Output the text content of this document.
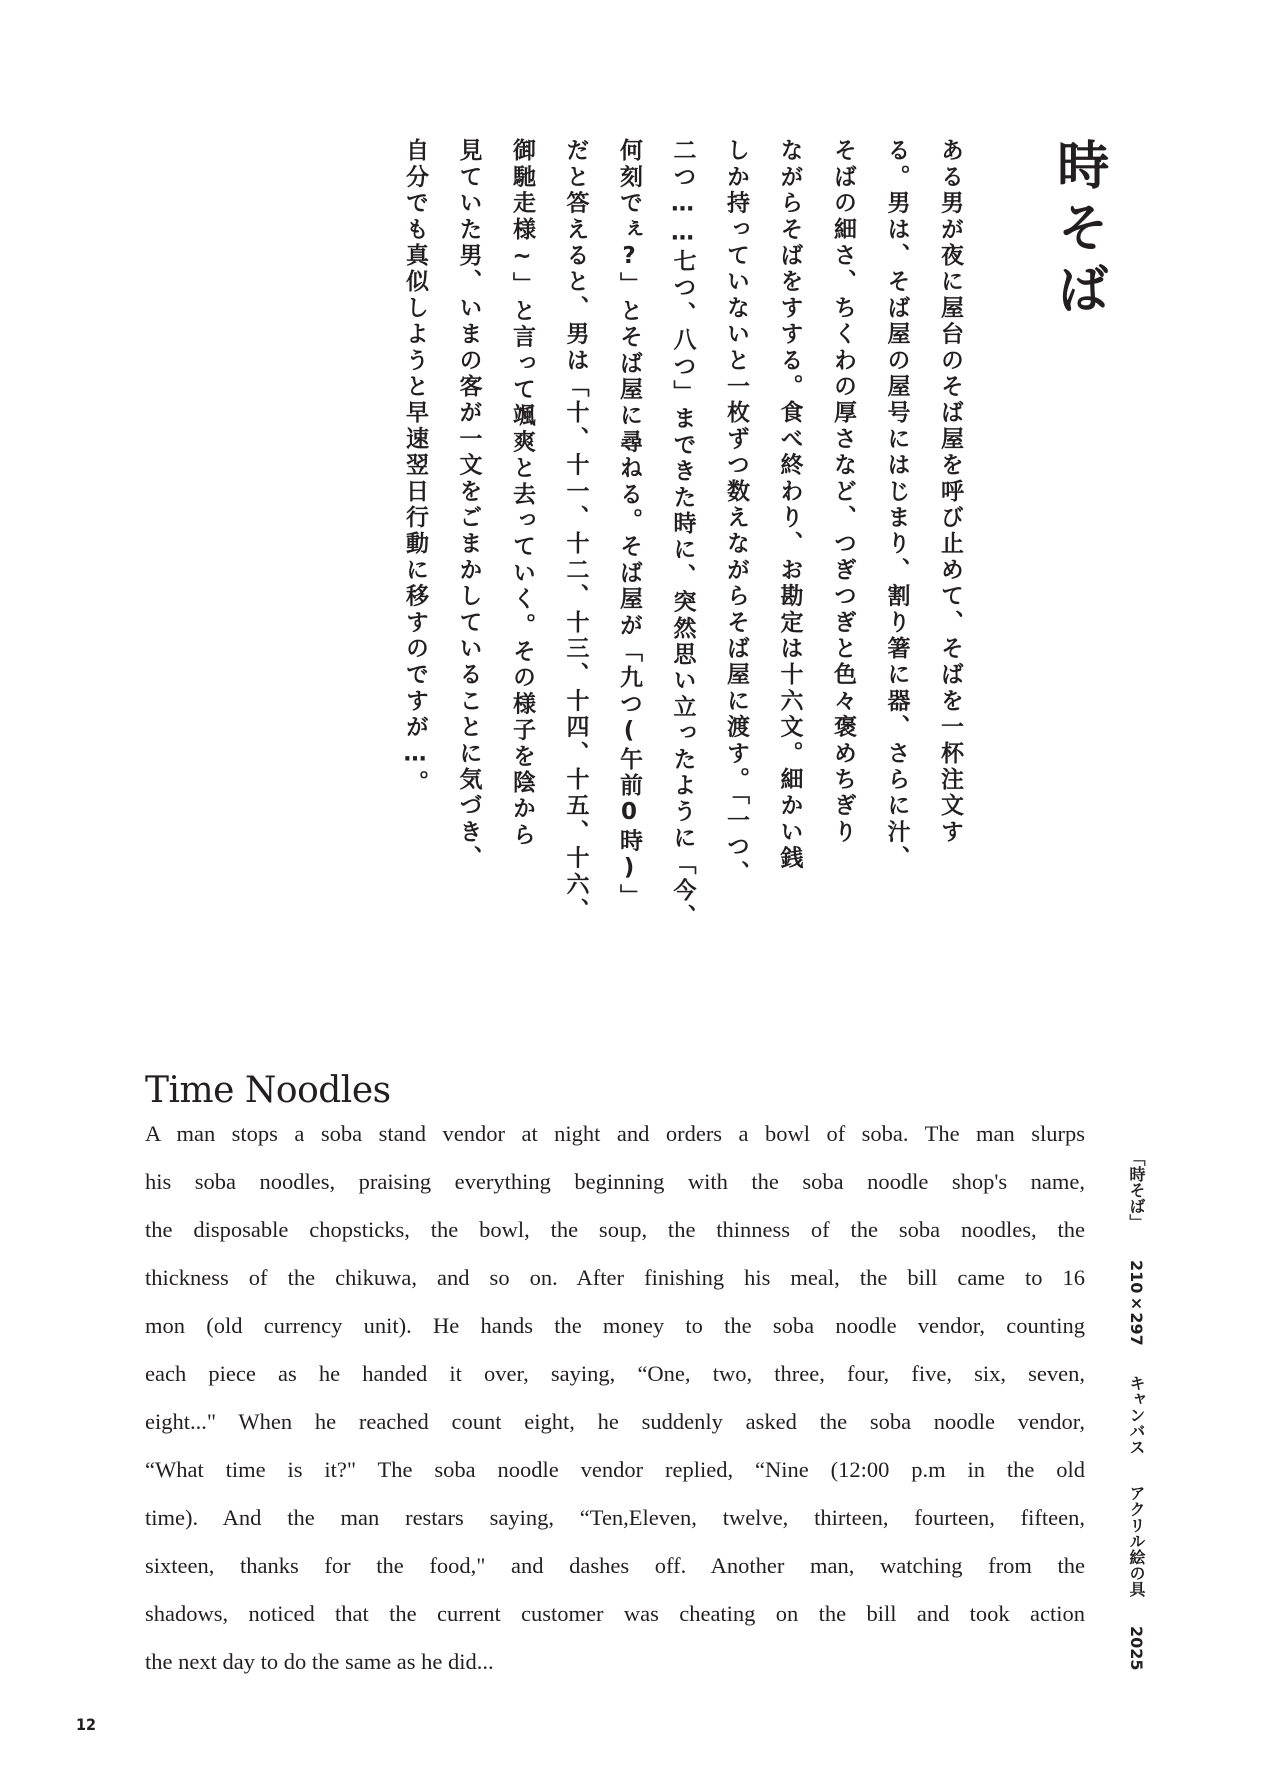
時そば
ある男が夜に屋台のそば屋を呼び止めて、そばを一杯注文す
る。男は、そば屋の屋号にはじまり、割り箸に器、さらに汁、
そばの細さ、ちくわの厚さなど、つぎつぎと色々褒めちぎり
ながらそばをすする。食べ終わり、お勘定は十六文。細かい銭
しか持っていないと一枚ずつ数えながらそば屋に渡す。「一つ、
二つ……七つ、八つ」まできた時に、突然思い立ったように「今、
何刻でぇ?」とそば屋に尋ねる。そば屋が「九つ(午前0時)」
だと答えると、男は「十、十一、十二、十三、十四、十五、十六、
御馳走様~」と言って颯爽と去っていく。その様子を陰から
見ていた男、いまの客が一文をごまかしていることに気づき、
自分でも真似しようと早速翌日行動に移すのですが…。
Time Noodles
A man stops a soba stand vendor at night and orders a bowl of soba. The man slurps
his soba noodles, praising everything beginning with the soba noodle shop's name,
the disposable chopsticks, the bowl, the soup, the thinness of the soba noodles, the
thickness of the chikuwa, and so on. After finishing his meal, the bill came to 16
mon (old currency unit). He hands the money to the soba noodle vendor, counting
each piece as he handed it over, saying, “One, two, three, four, five, six, seven,
eight..." When he reached count eight, he suddenly asked the soba noodle vendor,
“What time is it?" The soba noodle vendor replied, “Nine (12:00 p.m in the old
time). And the man restars saying, “Ten,Eleven, twelve, thirteen, fourteen, fifteen,
sixteen, thanks for the food," and dashes off. Another man, watching from the
shadows, noticed that the current customer was cheating on the bill and took action
the next day to do the same as he did...
「時そば」 210×297 キャンバス アクリル絵の具 2025
12
